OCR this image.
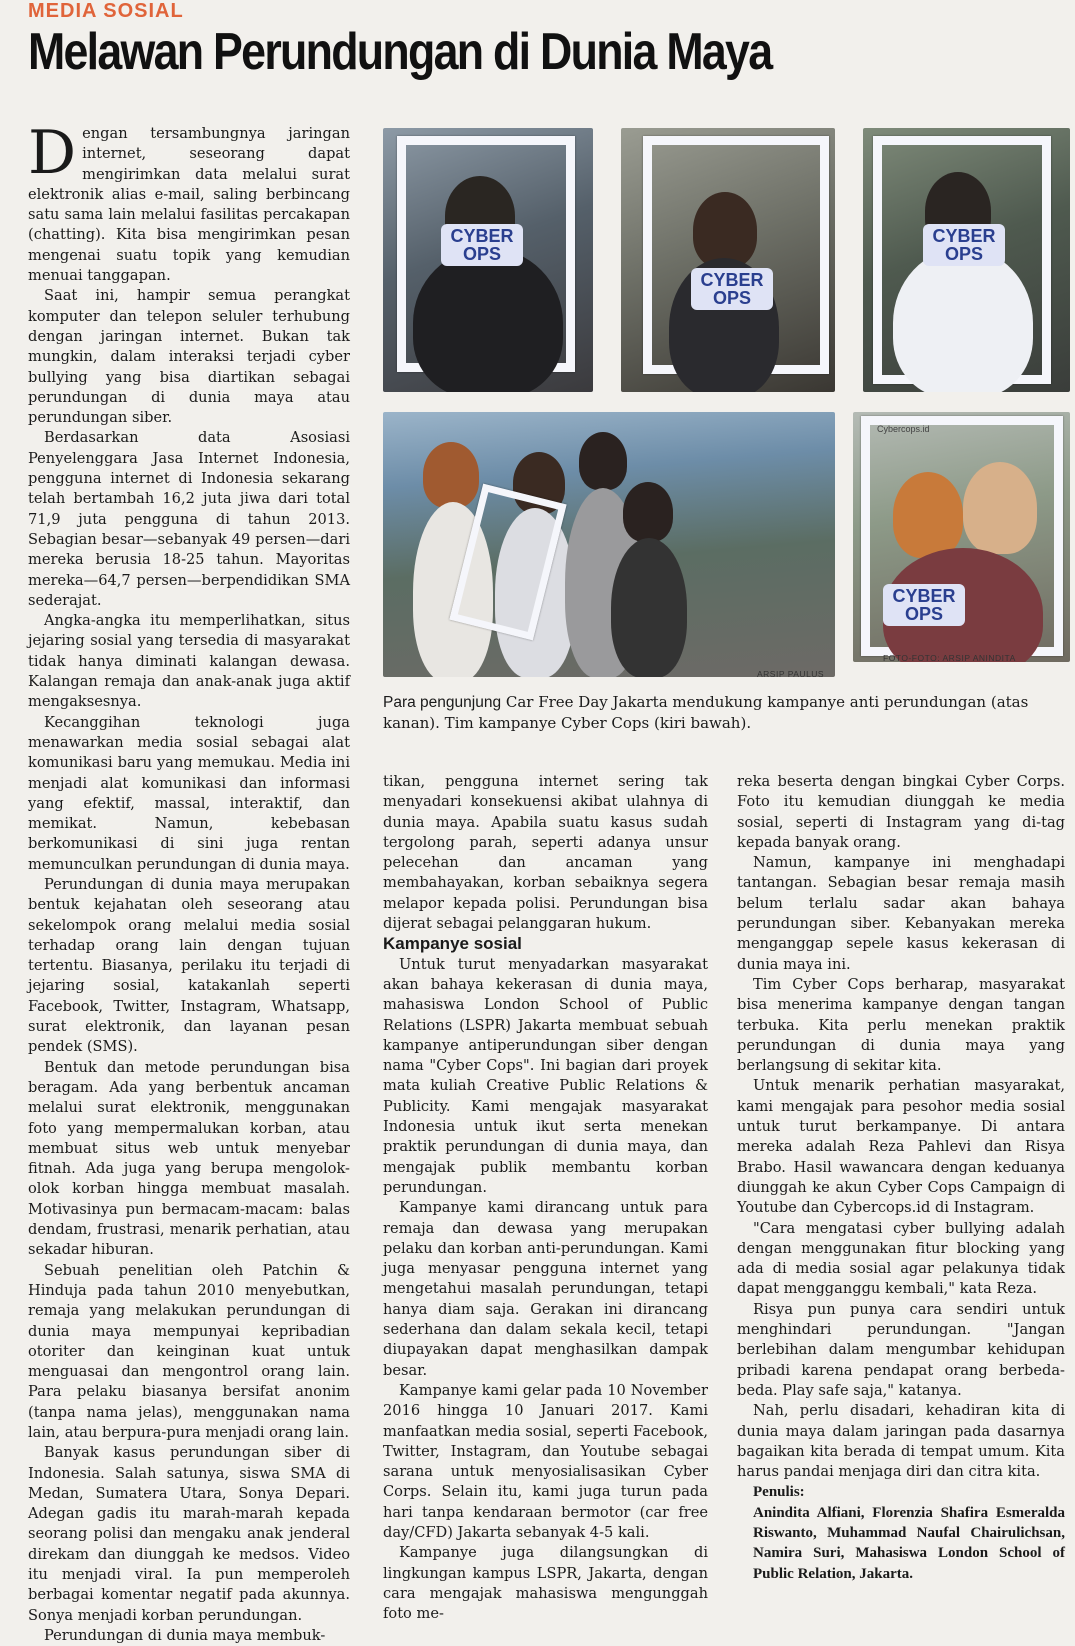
MEDIA SOSIAL
Melawan Perundungan di Dunia Maya

Dengan tersambungnya jaringan internet, seseorang dapat mengirimkan data melalui surat elektronik alias e-mail, saling berbincang satu sama lain melalui fasilitas percakapan (chatting). Kita bisa mengirimkan pesan mengenai suatu topik yang kemudian menuai tanggapan.

Saat ini, hampir semua perangkat komputer dan telepon seluler terhubung dengan jaringan internet. Bukan tak mungkin, dalam interaksi terjadi cyber bullying yang bisa diartikan sebagai perundungan di dunia maya atau perundungan siber.

Berdasarkan data Asosiasi Penyelenggara Jasa Internet Indonesia, pengguna internet di Indonesia sekarang telah bertambah 16,2 juta jiwa dari total 71,9 juta pengguna di tahun 2013. Sebagian besar—sebanyak 49 persen—dari mereka berusia 18-25 tahun. Mayoritas mereka—64,7 persen—berpendidikan SMA sederajat.

Angka-angka itu memperlihatkan, situs jejaring sosial yang tersedia di masyarakat tidak hanya diminati kalangan dewasa. Kalangan remaja dan anak-anak juga aktif mengaksesnya.

Kecanggihan teknologi juga menawarkan media sosial sebagai alat komunikasi baru yang memukau. Media ini menjadi alat komunikasi dan informasi yang efektif, massal, interaktif, dan memikat. Namun, kebebasan berkomunikasi di sini juga rentan memunculkan perundungan di dunia maya.

Perundungan di dunia maya merupakan bentuk kejahatan oleh seseorang atau sekelompok orang melalui media sosial terhadap orang lain dengan tujuan tertentu. Biasanya, perilaku itu terjadi di jejaring sosial, katakanlah seperti Facebook, Twitter, Instagram, Whatsapp, surat elektronik, dan layanan pesan pendek (SMS).

Bentuk dan metode perundungan bisa beragam. Ada yang berbentuk ancaman melalui surat elektronik, menggunakan foto yang mempermalukan korban, atau membuat situs web untuk menyebar fitnah. Ada juga yang berupa mengolok-olok korban hingga membuat masalah. Motivasinya pun bermacam-macam: balas dendam, frustrasi, menarik perhatian, atau sekadar hiburan.

Sebuah penelitian oleh Patchin & Hinduja pada tahun 2010 menyebutkan, remaja yang melakukan perundungan di dunia maya mempunyai kepribadian otoriter dan keinginan kuat untuk menguasai dan mengontrol orang lain. Para pelaku biasanya bersifat anonim (tanpa nama jelas), menggunakan nama lain, atau berpura-pura menjadi orang lain.

Banyak kasus perundungan siber di Indonesia. Salah satunya, siswa SMA di Medan, Sumatera Utara, Sonya Depari. Adegan gadis itu marah-marah kepada seorang polisi dan mengaku anak jenderal direkam dan diunggah ke medsos. Video itu menjadi viral. Ia pun memperoleh berbagai komentar negatif pada akunnya. Sonya menjadi korban perundungan.

Perundungan di dunia maya membuk-

CYBER OPS
CYBER OPS
CYBER OPS
CYBER OPS
Cybercops.id
ARSIP PAULUS
FOTO-FOTO: ARSIP ANINDITA
Para pengunjung Car Free Day Jakarta mendukung kampanye anti perundungan (atas kanan). Tim kampanye Cyber Cops (kiri bawah).

tikan, pengguna internet sering tak menyadari konsekuensi akibat ulahnya di dunia maya. Apabila suatu kasus sudah tergolong parah, seperti adanya unsur pelecehan dan ancaman yang membahayakan, korban sebaiknya segera melapor kepada polisi. Perundungan bisa dijerat sebagai pelanggaran hukum.

Kampanye sosial

Untuk turut menyadarkan masyarakat akan bahaya kekerasan di dunia maya, mahasiswa London School of Public Relations (LSPR) Jakarta membuat sebuah kampanye antiperundungan siber dengan nama "Cyber Cops". Ini bagian dari proyek mata kuliah Creative Public Relations & Publicity. Kami mengajak masyarakat Indonesia untuk ikut serta menekan praktik perundungan di dunia maya, dan mengajak publik membantu korban perundungan.

Kampanye kami dirancang untuk para remaja dan dewasa yang merupakan pelaku dan korban anti-perundungan. Kami juga menyasar pengguna internet yang mengetahui masalah perundungan, tetapi hanya diam saja. Gerakan ini dirancang sederhana dan dalam sekala kecil, tetapi diupayakan dapat menghasilkan dampak besar.

Kampanye kami gelar pada 10 November 2016 hingga 10 Januari 2017. Kami manfaatkan media sosial, seperti Facebook, Twitter, Instagram, dan Youtube sebagai sarana untuk menyosialisasikan Cyber Corps. Selain itu, kami juga turun pada hari tanpa kendaraan bermotor (car free day/CFD) Jakarta sebanyak 4-5 kali.

Kampanye juga dilangsungkan di lingkungan kampus LSPR, Jakarta, dengan cara mengajak mahasiswa mengunggah foto me-

reka beserta dengan bingkai Cyber Corps. Foto itu kemudian diunggah ke media sosial, seperti di Instagram yang di-tag kepada banyak orang.

Namun, kampanye ini menghadapi tantangan. Sebagian besar remaja masih belum terlalu sadar akan bahaya perundungan siber. Kebanyakan mereka menganggap sepele kasus kekerasan di dunia maya ini.

Tim Cyber Cops berharap, masyarakat bisa menerima kampanye dengan tangan terbuka. Kita perlu menekan praktik perundungan di dunia maya yang berlangsung di sekitar kita.

Untuk menarik perhatian masyarakat, kami mengajak para pesohor media sosial untuk turut berkampanye. Di antara mereka adalah Reza Pahlevi dan Risya Brabo. Hasil wawancara dengan keduanya diunggah ke akun Cyber Cops Campaign di Youtube dan Cybercops.id di Instagram.

"Cara mengatasi cyber bullying adalah dengan menggunakan fitur blocking yang ada di media sosial agar pelakunya tidak dapat mengganggu kembali," kata Reza.

Risya pun punya cara sendiri untuk menghindari perundungan. "Jangan berlebihan dalam mengumbar kehidupan pribadi karena pendapat orang berbeda-beda. Play safe saja," katanya.

Nah, perlu disadari, kehadiran kita di dunia maya dalam jaringan pada dasarnya bagaikan kita berada di tempat umum. Kita harus pandai menjaga diri dan citra kita.

Penulis:

Anindita Alfiani, Florenzia Shafira Esmeralda Riswanto, Muhammad Naufal Chairulichsan, Namira Suri, Mahasiswa London School of Public Relation, Jakarta.
